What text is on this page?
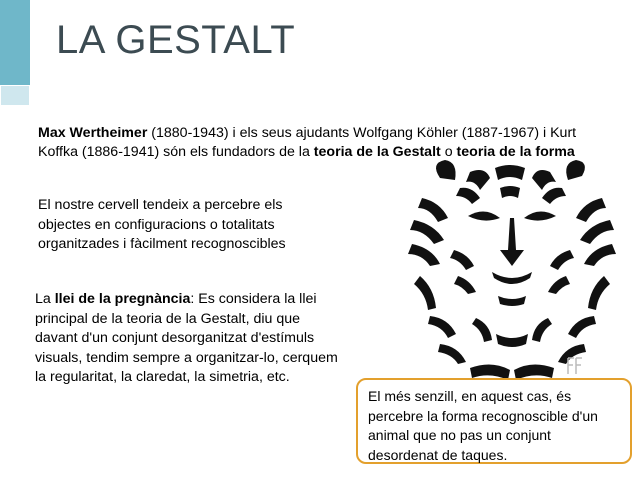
LA GESTALT

Max Wertheimer (1880-1943) i els seus ajudants Wolfgang Köhler (1887-1967) i Kurt Koffka (1886-1941) són els fundadors de la teoria de la Gestalt o teoria de la forma

El nostre cervell tendeix a percebre els objectes en configuracions o totalitats organitzades i fàcilment recognoscibles

La llei de la pregnància: Es considera la llei principal de la teoria de la Gestalt, diu que davant d'un conjunt desorganitzat d'estímuls visuals, tendim sempre a organitzar-lo, cerquem la regularitat, la claredat, la simetria, etc.

El més senzill, en aquest cas, és percebre la forma recognoscible d'un animal que no pas un conjunt desordenat de taques.
